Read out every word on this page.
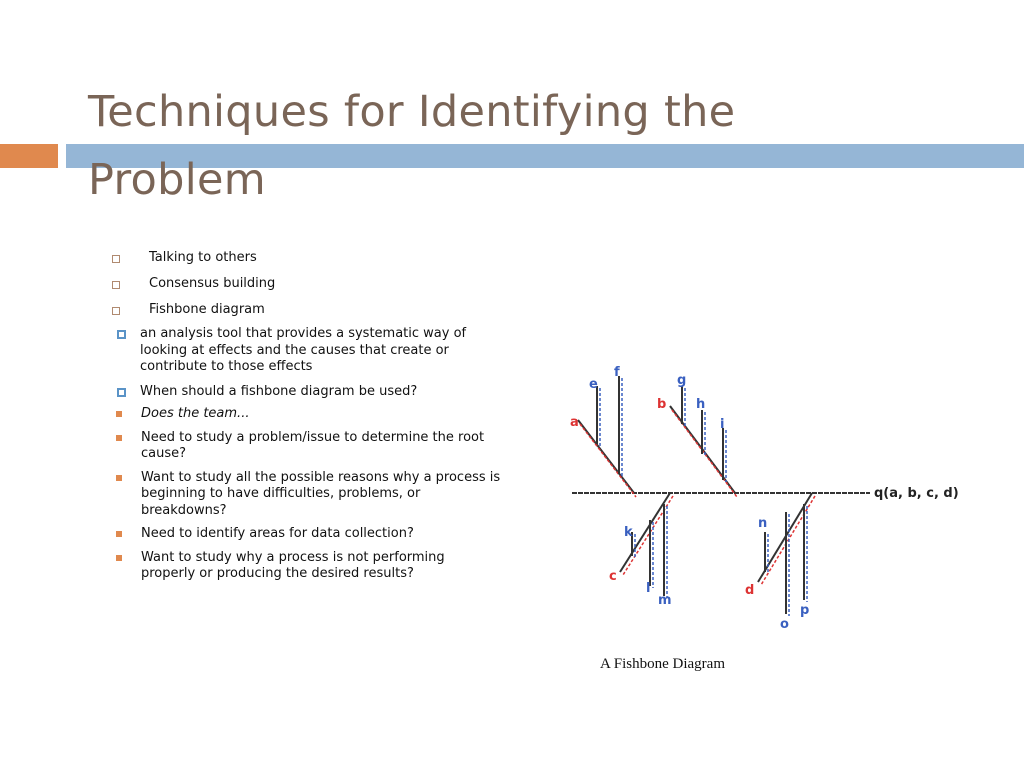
Techniques for Identifying the Problem
Talking to others
Consensus building
Fishbone diagram
an analysis tool that provides a systematic way of looking at effects and the causes that create or contribute to those effects
When should a fishbone diagram be used?
Does the team...
Need to study a problem/issue to determine the root cause?
Want to study all the possible reasons why a process is beginning to have difficulties, problems, or breakdowns?
Need to identify areas for data collection?
Want to study why a process is not performing properly or producing the desired results?
a
e
f
b
g
h
i
c
k
l
m
d
n
o
p
q(a, b, c, d)
A Fishbone Diagram
